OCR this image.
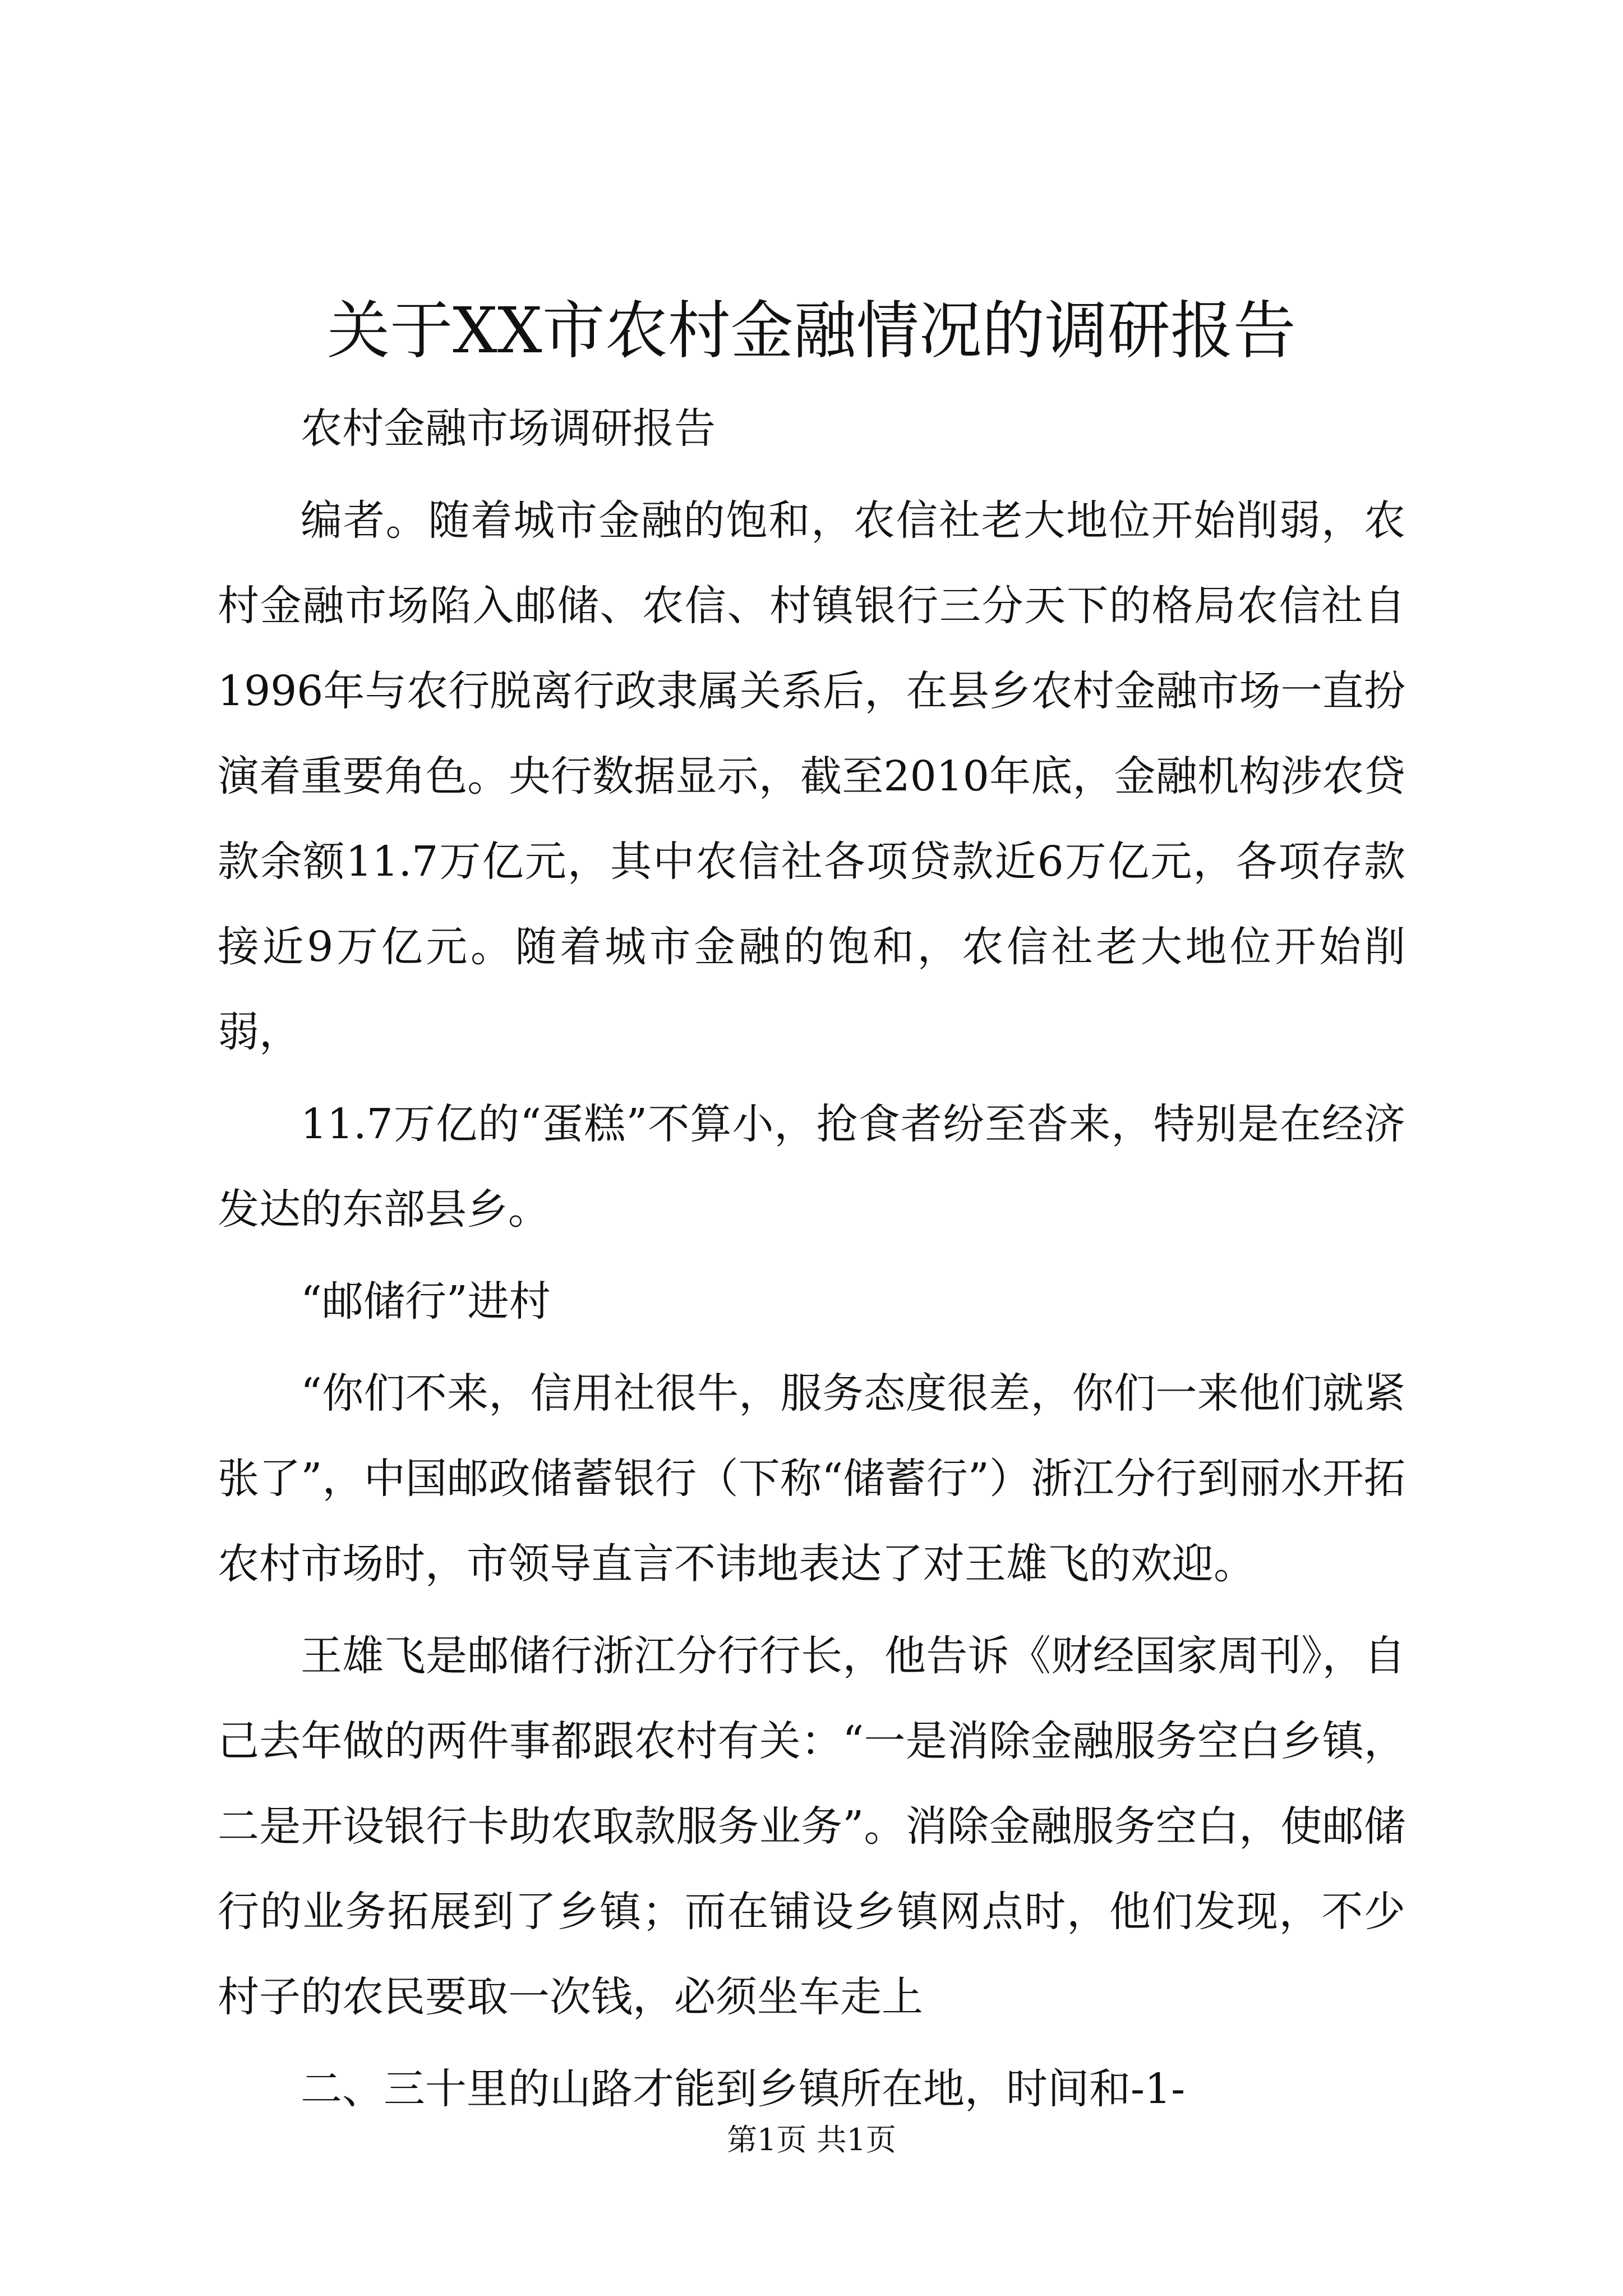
关于XX市农村金融情况的调研报告

农村金融市场调研报告

编者。随着城市金融的饱和，农信社老大地位开始削弱，农村金融市场陷入邮储、农信、村镇银行三分天下的格局农信社自1996年与农行脱离行政隶属关系后，在县乡农村金融市场一直扮演着重要角色。央行数据显示，截至2010年底，金融机构涉农贷款余额11.7万亿元，其中农信社各项贷款近6万亿元，各项存款接近9万亿元。随着城市金融的饱和，农信社老大地位开始削弱，

11.7万亿的“蛋糕”不算小，抢食者纷至沓来，特别是在经济发达的东部县乡。

“邮储行”进村

“你们不来，信用社很牛，服务态度很差，你们一来他们就紧张了”，中国邮政储蓄银行（下称“储蓄行”）浙江分行到丽水开拓农村市场时，市领导直言不讳地表达了对王雄飞的欢迎。

王雄飞是邮储行浙江分行行长，他告诉《财经国家周刊》，自己去年做的两件事都跟农村有关：“一是消除金融服务空白乡镇，二是开设银行卡助农取款服务业务”。消除金融服务空白，使邮储行的业务拓展到了乡镇；而在铺设乡镇网点时，他们发现，不少村子的农民要取一次钱，必须坐车走上

二、三十里的山路才能到乡镇所在地，时间和-1-

第1页 共1页
